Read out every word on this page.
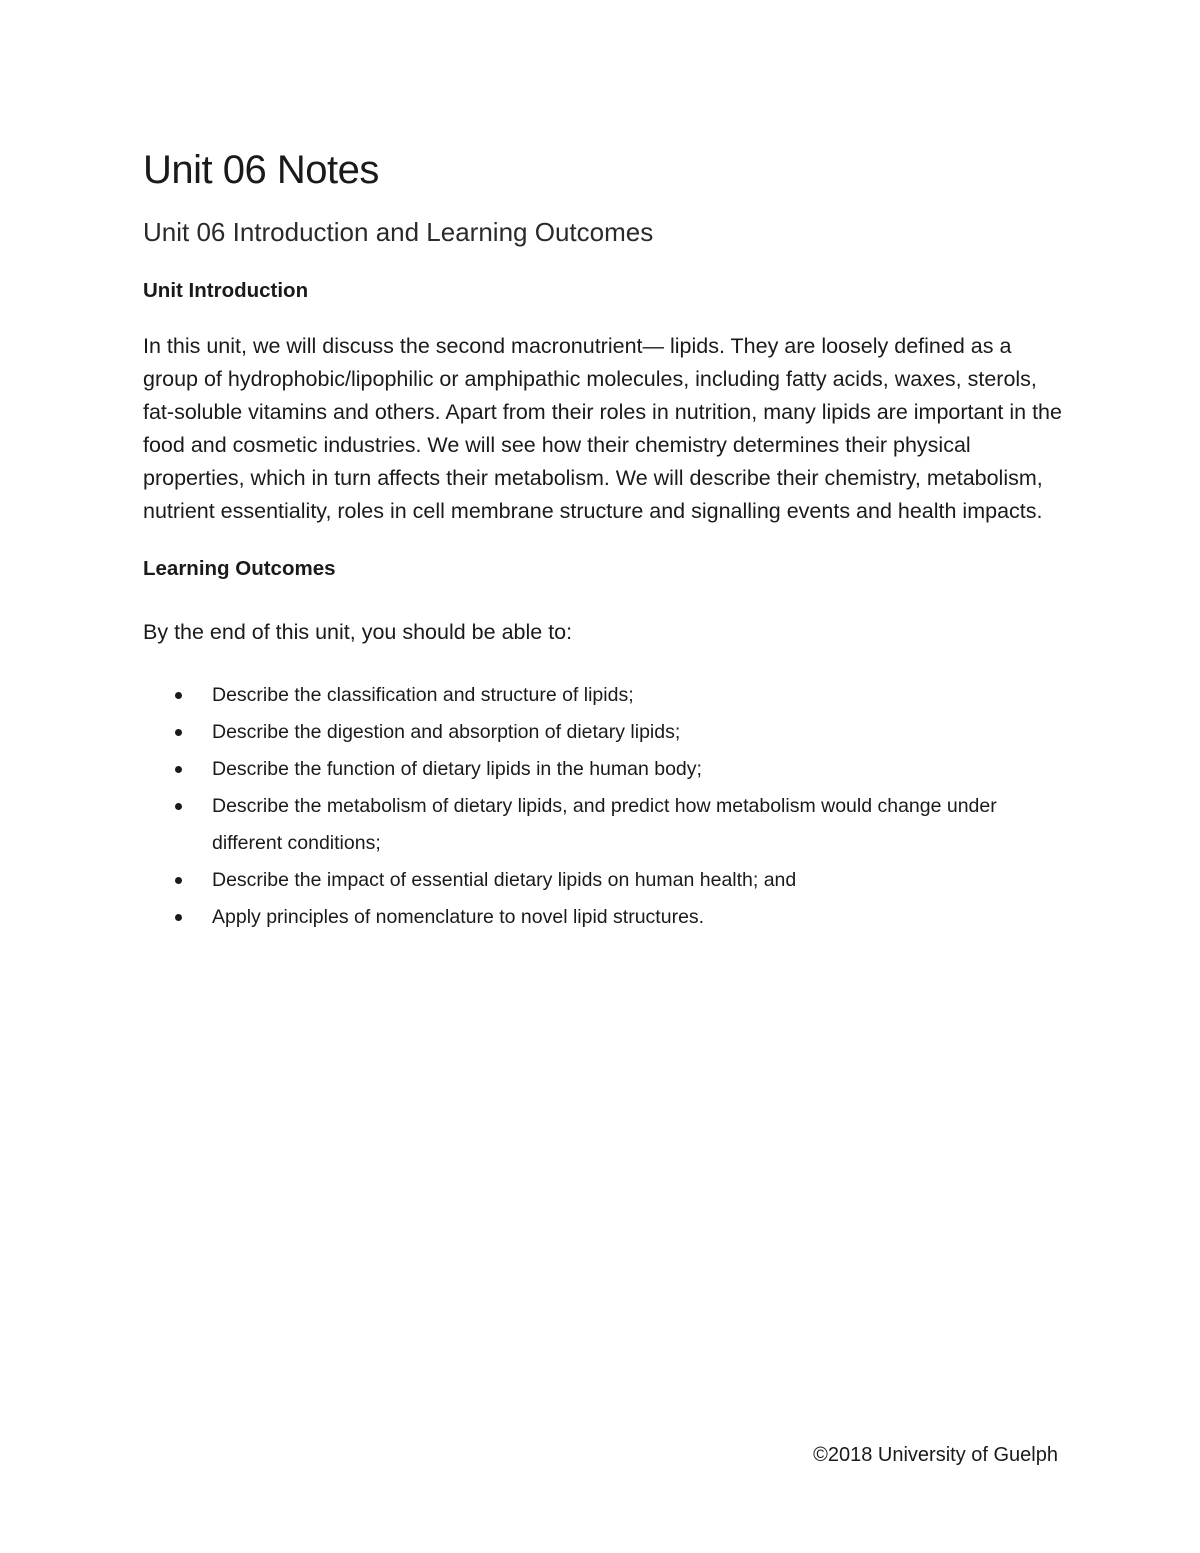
Unit 06 Notes
Unit 06 Introduction and Learning Outcomes
Unit Introduction

In this unit, we will discuss the second macronutrient— lipids. They are loosely defined as a group of hydrophobic/lipophilic or amphipathic molecules, including fatty acids, waxes, sterols, fat-soluble vitamins and others. Apart from their roles in nutrition, many lipids are important in the food and cosmetic industries. We will see how their chemistry determines their physical properties, which in turn affects their metabolism. We will describe their chemistry, metabolism, nutrient essentiality, roles in cell membrane structure and signalling events and health impacts.

Learning Outcomes

By the end of this unit, you should be able to:

Describe the classification and structure of lipids;
Describe the digestion and absorption of dietary lipids;
Describe the function of dietary lipids in the human body;
Describe the metabolism of dietary lipids, and predict how metabolism would change under different conditions;
Describe the impact of essential dietary lipids on human health; and
Apply principles of nomenclature to novel lipid structures.
©2018 University of Guelph
